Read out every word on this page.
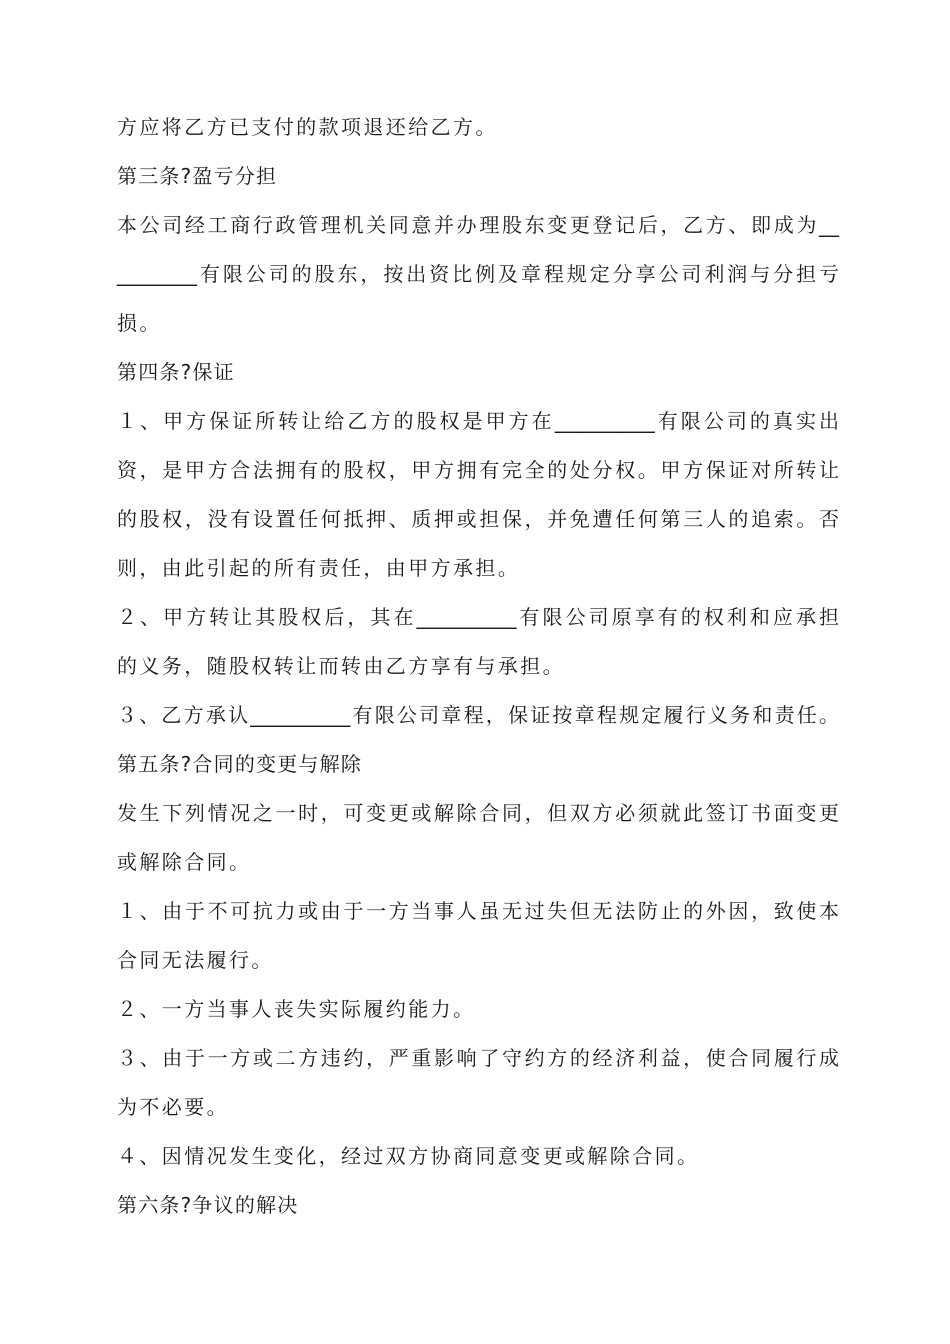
方应将乙方已支付的款项退还给乙方。
第三条?盈亏分担
本公司经工商行政管理机关同意并办理股东变更登记后，乙方、即成为__
________有限公司的股东，按出资比例及章程规定分享公司利润与分担亏
损。
第四条?保证
１、甲方保证所转让给乙方的股权是甲方在__________有限公司的真实出
资，是甲方合法拥有的股权，甲方拥有完全的处分权。甲方保证对所转让
的股权，没有设置任何抵押、质押或担保，并免遭任何第三人的追索。否
则，由此引起的所有责任，由甲方承担。
２、甲方转让其股权后，其在__________有限公司原享有的权利和应承担
的义务，随股权转让而转由乙方享有与承担。
３、乙方承认__________有限公司章程，保证按章程规定履行义务和责任。
第五条?合同的变更与解除
发生下列情况之一时，可变更或解除合同，但双方必须就此签订书面变更
或解除合同。
１、由于不可抗力或由于一方当事人虽无过失但无法防止的外因，致使本
合同无法履行。
２、一方当事人丧失实际履约能力。
３、由于一方或二方违约，严重影响了守约方的经济利益，使合同履行成
为不必要。
４、因情况发生变化，经过双方协商同意变更或解除合同。
第六条?争议的解决
